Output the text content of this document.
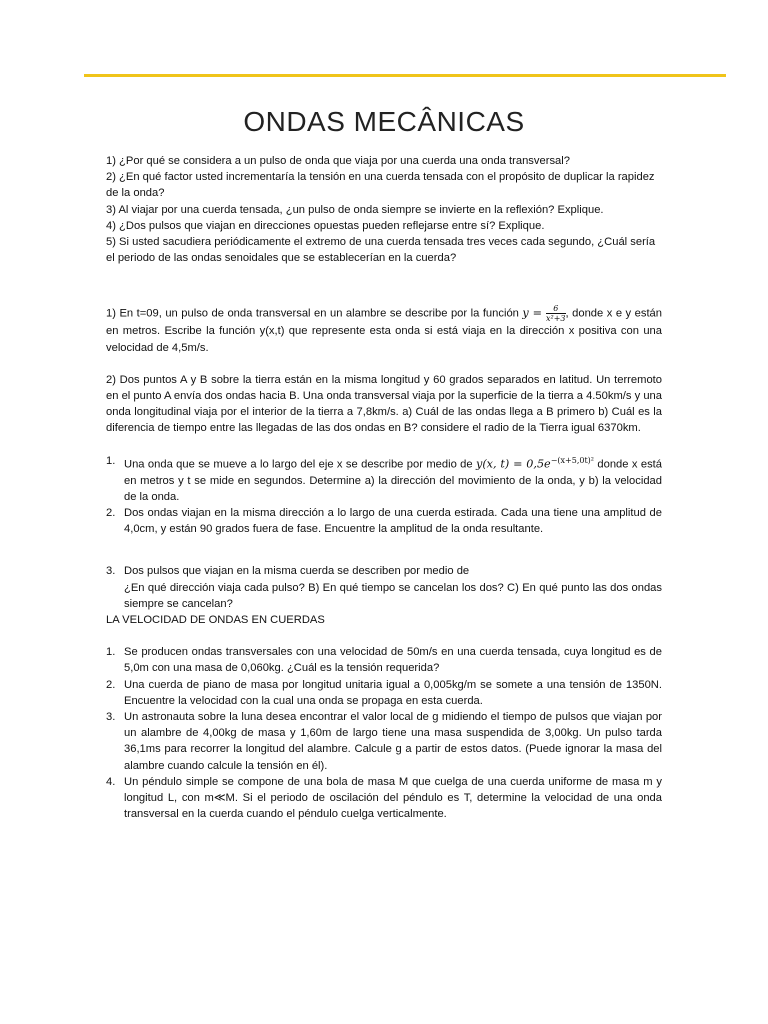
ONDAS MECÂNICAS

1) ¿Por qué se considera a un pulso de onda que viaja por una cuerda una onda transversal?

2) ¿En qué factor usted incrementaría la tensión en una cuerda tensada con el propósito de duplicar la rapidez de la onda?

3) Al viajar por una cuerda tensada, ¿un pulso de onda siempre se invierte en la reflexión? Explique.

4) ¿Dos pulsos que viajan en direcciones opuestas pueden reflejarse entre sí? Explique.

5) Si usted sacudiera periódicamente el extremo de una cuerda tensada tres veces cada segundo, ¿Cuál sería el periodo de las ondas senoidales que se establecerían en la cuerda?

1) En t=09, un pulso de onda transversal en un alambre se describe por la función $y = \frac{6}{\text{x²+3}}$ , donde x e y están en metros. Escribe la función y(x,t) que represente esta onda si está viaja en la dirección x positiva con una velocidad de 4,5m/s.

2) Dos puntos A y B sobre la tierra están en la misma longitud y 60 grados separados en latitud. Un terremoto en el punto A envía dos ondas hacia B. Una onda transversal viaja por la superficie de la tierra a 4.50km/s y una onda longitudinal viaja por el interior de la tierra a 7,8km/s. a) Cuál de las ondas llega a B primero b) Cuál es la diferencia de tiempo entre las llegadas de las dos ondas en B? considere el radio de la Tierra igual 6370km.

1. Una onda que se mueve a lo largo del eje x se describe por medio de y(x, $t) = 0,5e^{-(x+5,0t)^2}$ donde x está en metros y t se mide en segundos. Determine a) la dirección del movimiento de la onda, y b) la velocidad de la onda.
2. Dos ondas viajan en la misma dirección a lo largo de una cuerda estirada. Cada una tiene una amplitud de 4,0cm, y están 90 grados fuera de fase. Encuentre la amplitud de la onda resultante.
3. Dos pulsos que viajan en la misma cuerda se describen por medio de
¿En qué dirección viaja cada pulso? B) En qué tiempo se cancelan los dos? C) En qué punto las dos ondas siempre se cancelan?

LA VELOCIDAD DE ONDAS EN CUERDAS

1. Se producen ondas transversales con una velocidad de 50m/s en una cuerda tensada, cuya longitud es de 5,0m con una masa de 0,060kg. ¿Cuál es la tensión requerida?
2. Una cuerda de piano de masa por longitud unitaria igual a 0,005kg/m se somete a una tensión de 1350N. Encuentre la velocidad con la cual una onda se propaga en esta cuerda.
3. Un astronauta sobre la luna desea encontrar el valor local de g midiendo el tiempo de pulsos que viajan por un alambre de 4,00kg de masa y 1,60m de largo tiene una masa suspendida de 3,00kg. Un pulso tarda 36,1ms para recorrer la longitud del alambre. Calcule g a partir de estos datos. (Puede ignorar la masa del alambre cuando calcule la tensión en él).
4. Un péndulo simple se compone de una bola de masa M que cuelga de una cuerda uniforme de masa m y longitud L, con m≪M. Si el periodo de oscilación del péndulo es T, determine la velocidad de una onda transversal en la cuerda cuando el péndulo cuelga verticalmente.
